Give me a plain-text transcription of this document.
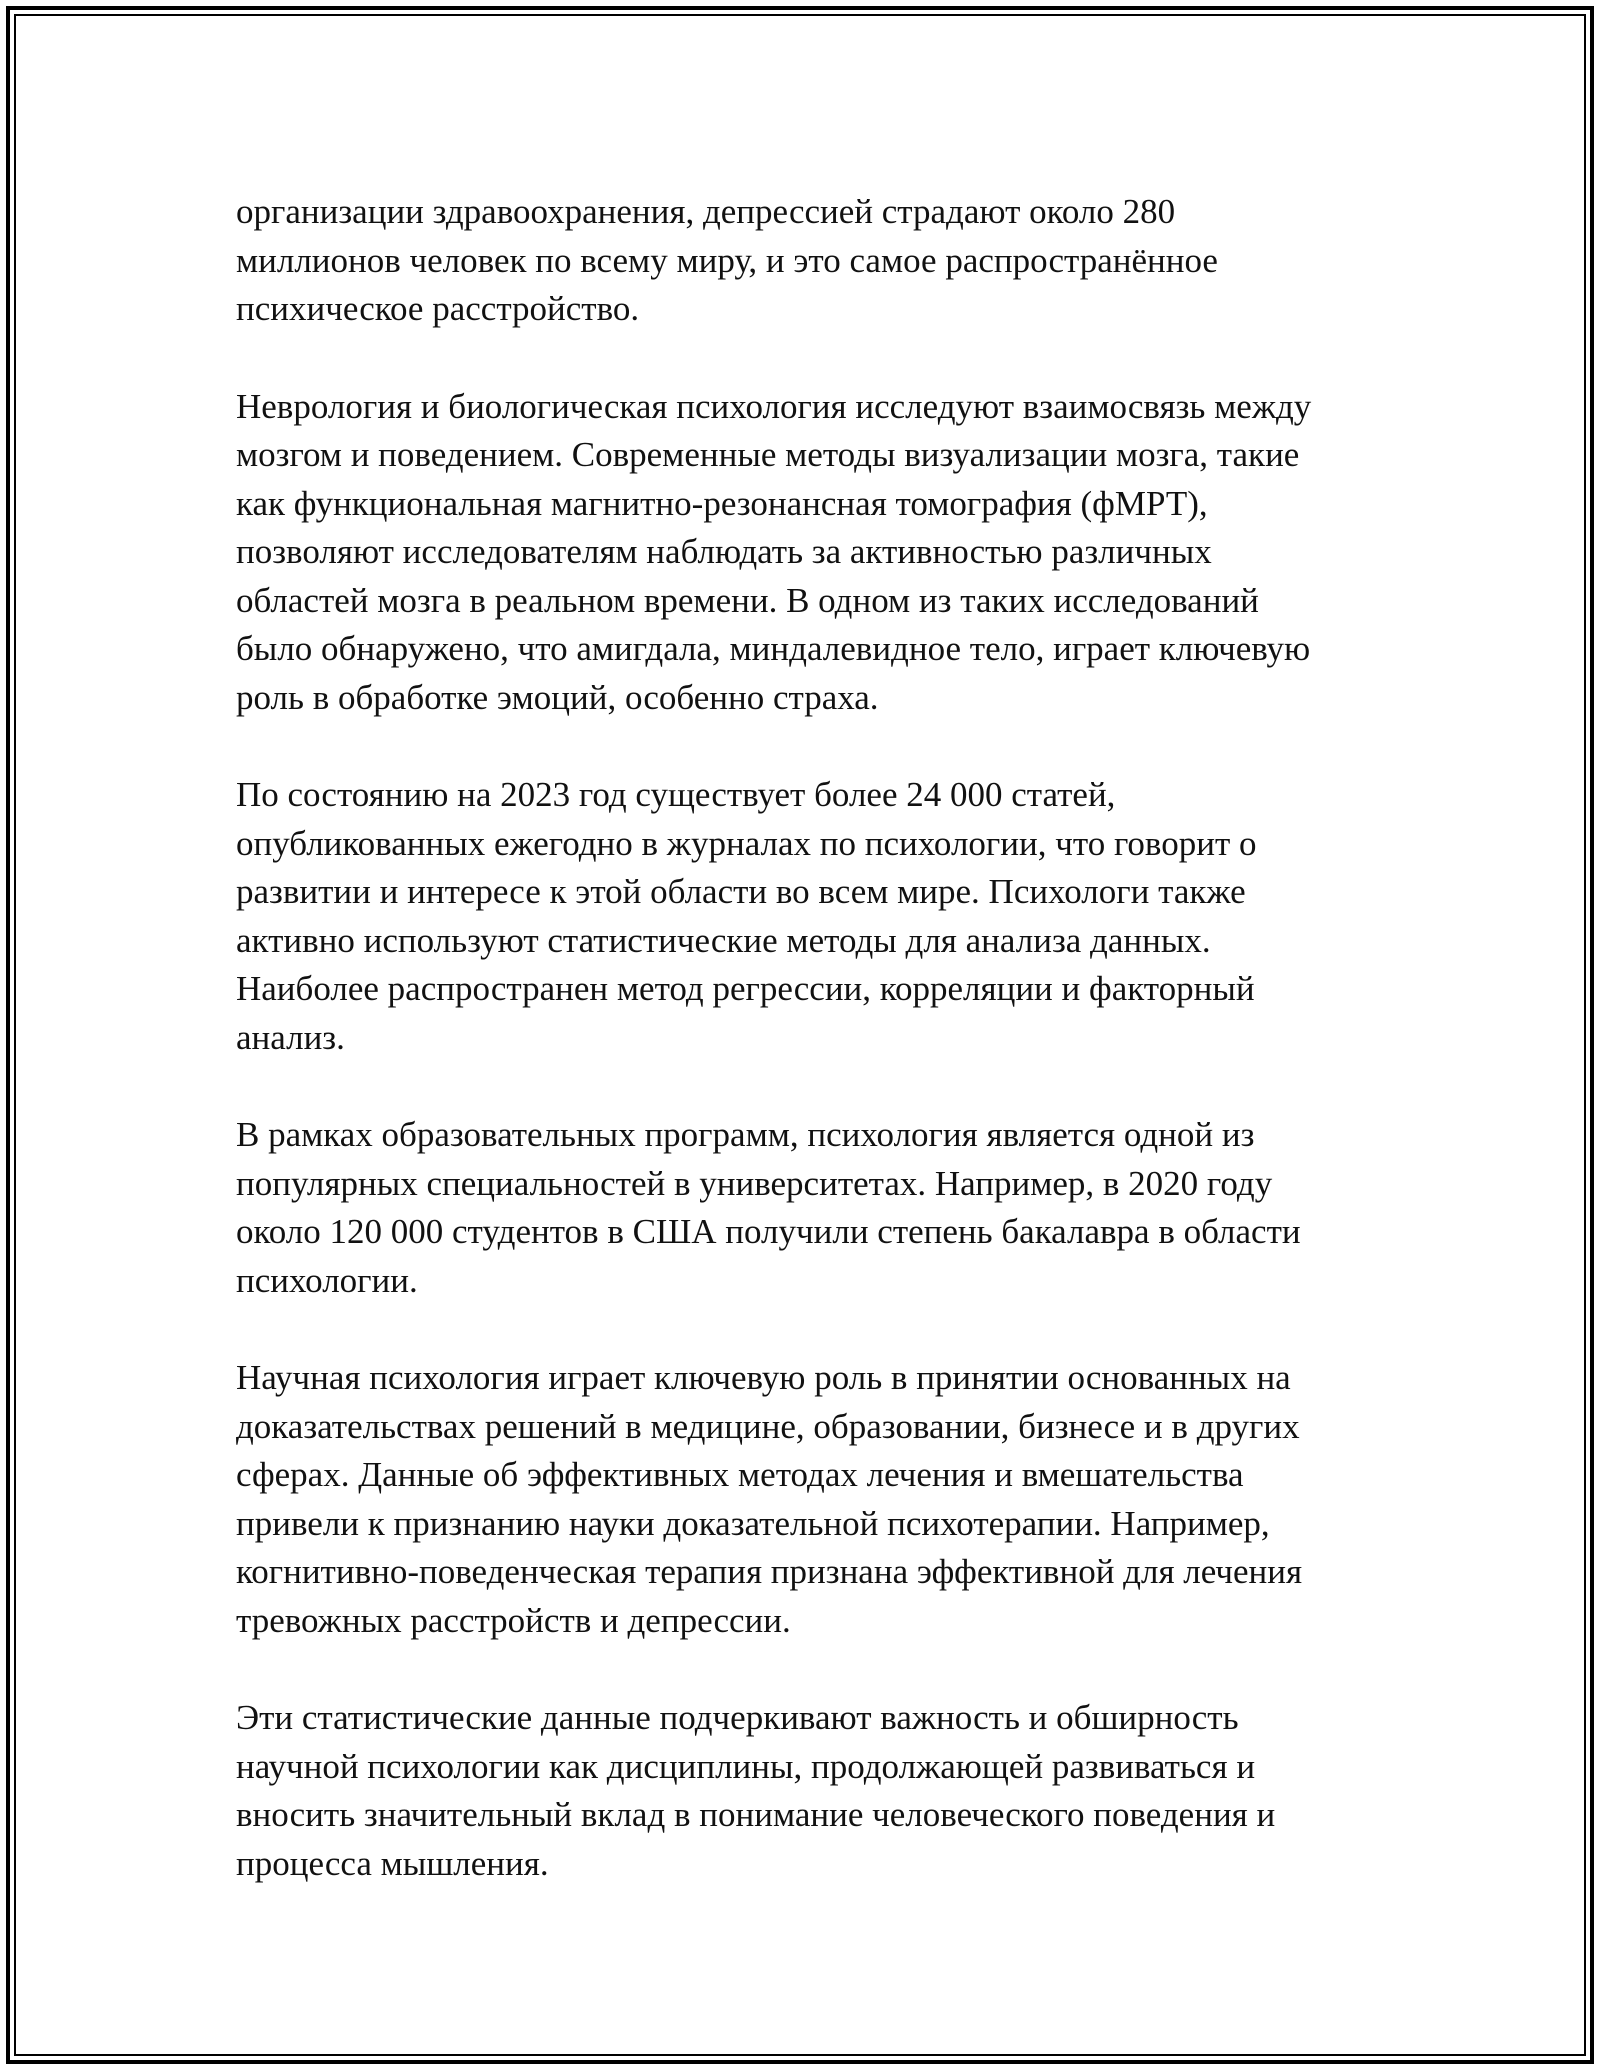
организации здравоохранения, депрессией страдают около 280
миллионов человек по всему миру, и это самое распространённое
психическое расстройство.

Неврология и биологическая психология исследуют взаимосвязь между
мозгом и поведением. Современные методы визуализации мозга, такие
как функциональная магнитно-резонансная томография (фМРТ),
позволяют исследователям наблюдать за активностью различных
областей мозга в реальном времени. В одном из таких исследований
было обнаружено, что амигдала, миндалевидное тело, играет ключевую
роль в обработке эмоций, особенно страха.

По состоянию на 2023 год существует более 24 000 статей,
опубликованных ежегодно в журналах по психологии, что говорит о
развитии и интересе к этой области во всем мире. Психологи также
активно используют статистические методы для анализа данных.
Наиболее распространен метод регрессии, корреляции и факторный
анализ.

В рамках образовательных программ, психология является одной из
популярных специальностей в университетах. Например, в 2020 году
около 120 000 студентов в США получили степень бакалавра в области
психологии.

Научная психология играет ключевую роль в принятии основанных на
доказательствах решений в медицине, образовании, бизнесе и в других
сферах. Данные об эффективных методах лечения и вмешательства
привели к признанию науки доказательной психотерапии. Например,
когнитивно-поведенческая терапия признана эффективной для лечения
тревожных расстройств и депрессии.

Эти статистические данные подчеркивают важность и обширность
научной психологии как дисциплины, продолжающей развиваться и
вносить значительный вклад в понимание человеческого поведения и
процесса мышления.
